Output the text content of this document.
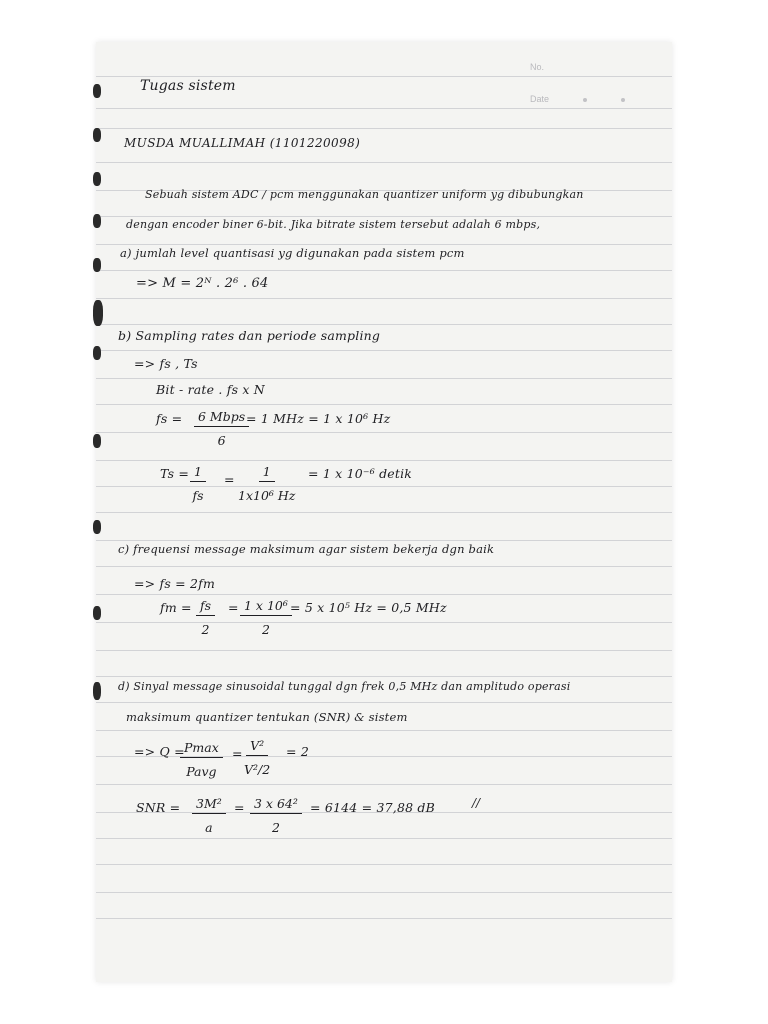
No.
Date
Tugas sistem
MUSDA MUALLIMAH (1101220098)
Sebuah sistem ADC / pcm menggunakan quantizer uniform yg dibubungkan
dengan encoder biner 6-bit. Jika bitrate sistem tersebut adalah 6 mbps,
a) jumlah level quantisasi yg digunakan pada sistem pcm
=> M = 2ᴺ . 2⁶ . 64
b) Sampling rates dan periode sampling
=> fs , Ts
Bit - rate . fs x N
fs =	6 Mbps
6
= 1 MHz = 1 x 10⁶ Hz
$Ts = \frac{1}{fs} = \frac{1}{\text{1x10⁶ Hz}} = 1$ x 10⁻⁶ detik
c) frequensi message maksimum agar sistem bekerja dgn baik
=> fs = 2fm
fm = $\frac{fs}{2} = \frac{\text{1 x 10⁶}}{2}$
= 5 x 10⁵ Hz = 0,5 MHz
d) Sinyal message sinusoidal tunggal dgn frek 0,5 MHz dan amplitudo operasi
maksimum quantizer tentukan (SNR) & sistem
=> Q = Pmax
Pavg
= $\frac{\text{V²}}{\text{V²/2}} = 2$
SNR = $\frac{\text{3M²}}{a} = \frac{\text{3 x 64²}}{2} = 6144 = 37,88$ dB	//
